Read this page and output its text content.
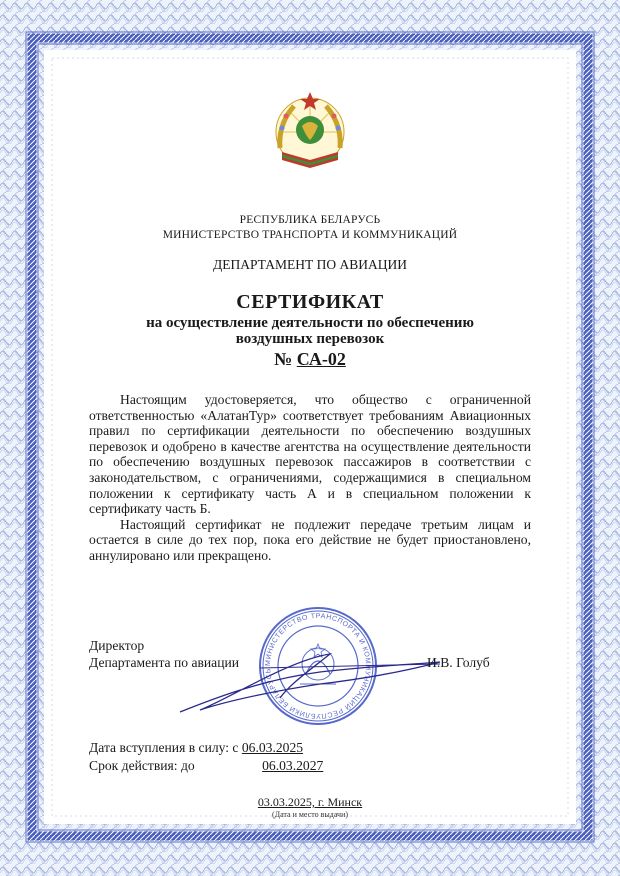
РЕСПУБЛИКА БЕЛАРУСЬ
МИНИСТЕРСТВО ТРАНСПОРТА И КОММУНИКАЦИЙ
ДЕПАРТАМЕНТ ПО АВИАЦИИ
СЕРТИФИКАТ
на осуществление деятельности по обеспечению
воздушных перевозок
№ СА-02

Настоящим удостоверяется, что общество с ограниченной ответственностью «АлатанТур» соответствует требованиям Авиационных правил по сертификации деятельности по обеспечению воздушных перевозок и одобрено в качестве агентства на осуществление деятельности по обеспечению воздушных перевозок пассажиров в соответствии с законодательством, с ограничениями, содержащимися в специальном положении к сертификату часть А и в специальном положении к сертификату часть Б.

Настоящий сертификат не подлежит передаче третьим лицам и остается в силе до тех пор, пока его действие не будет приостановлено, аннулировано или прекращено.

МИНИСТЕРСТВО ТРАНСПОРТА И КОММУНИКАЦИЙ РЕСПУБЛИКИ БЕЛАРУСЬ
Директор
Департамента по авиации	И.В. Голуб
Дата вступления в силу: с 06.03.2025
Срок действия: до	06.03.2027
03.03.2025, г. Минск
(Дата и место выдачи)
